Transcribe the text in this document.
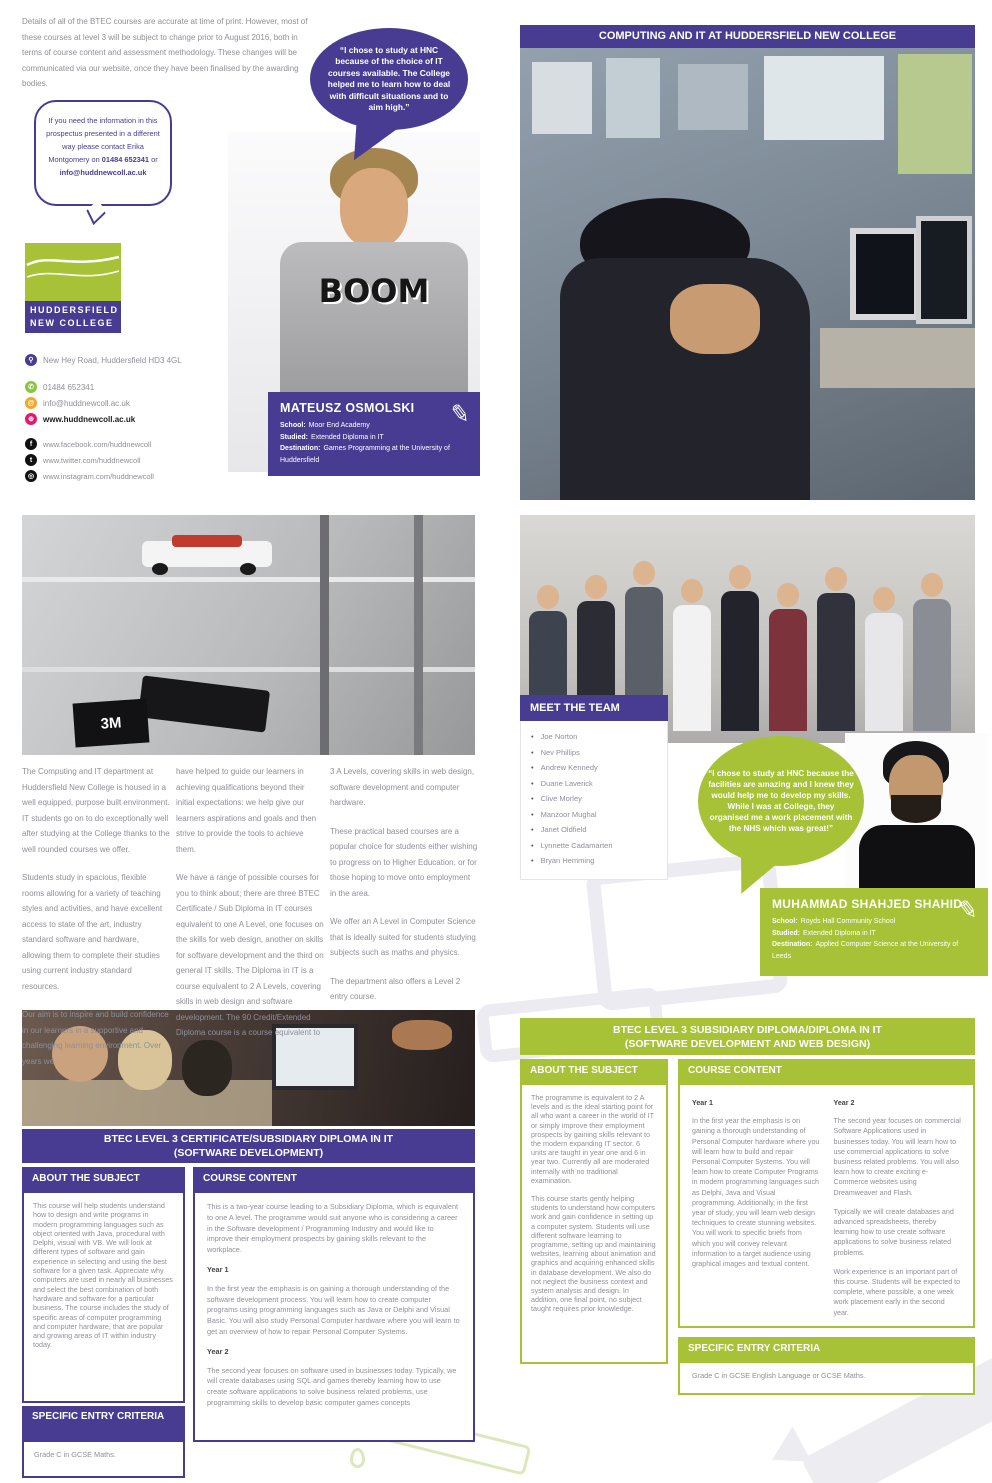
Details of all of the BTEC courses are accurate at time of print. However, most of these courses at level 3 will be subject to change prior to August 2016, both in terms of course content and assessment methodology. These changes will be communicated via our website, once they have been finalised by the awarding bodies.
“I chose to study at HNC because of the choice of IT courses available. The College helped me to learn how to deal with difficult situations and to aim high.”
If you need the information in this prospectus presented in a different way please contact Erika Montgomery on 01484 652341 or
info@huddnewcoll.ac.uk
BOOM
HUDDERSFIELD
NEW COLLEGE
⚲	New Hey Road, Huddersfield HD3 4GL
✆	01484 652341
@	info@huddnewcoll.ac.uk
⊕	www.huddnewcoll.ac.uk
f	www.facebook.com/huddnewcoll
t	www.twitter.com/huddnewcoll
◎	www.instagram.com/huddnewcoll
✎
MATEUSZ OSMOLSKI
School: Moor End Academy
Studied: Extended Diploma in IT
Destination: Games Programming at the University of Huddersfield
COMPUTING AND IT AT HUDDERSFIELD NEW COLLEGE
3M
MEET THE TEAM
• Joe Norton
• Nev Phillips
• Andrew Kennedy
• Duane Laverick
• Clive Morley
• Manzoor Mughal
• Janet Oldfield
• Lynnette Cadamarteri
• Bryan Hemming
“I chose to study at HNC because the facilities are amazing and I knew they would help me to develop my skills. While I was at College, they organised me a work placement with the NHS which was great!”
✎
MUHAMMAD SHAHJED SHAHID
School: Royds Hall Community School
Studied: Extended Diploma in IT
Destination: Applied Computer Science at the University of Leeds

The Computing and IT department at Huddersfield New College is housed in a well equipped, purpose built environment. IT students go on to do exceptionally well after studying at the College thanks to the well rounded courses we offer.

Students study in spacious, flexible rooms allowing for a variety of teaching styles and activities, and have excellent access to state of the art, industry standard software and hardware, allowing them to complete their studies using current industry standard resources.

Our aim is to inspire and build confidence in our learners in a supportive and challenging learning environment. Over years we

have helped to guide our learners in achieving qualifications beyond their initial expectations: we help give our learners aspirations and goals and then strive to provide the tools to achieve them.

We have a range of possible courses for you to think about; there are three BTEC Certificate / Sub Diploma in IT courses equivalent to one A Level, one focuses on the skills for web design, another on skills for software development and the third on general IT skills. The Diploma in IT is a course equivalent to 2 A Levels, covering skills in web design and software development. The 90 Credit/Extended Diploma course is a course equivalent to

3 A Levels, covering skills in web design, software development and computer hardware.

These practical based courses are a popular choice for students either wishing to progress on to Higher Education, or for those hoping to move onto employment in the area.

We offer an A Level in Computer Science that is ideally suited for students studying subjects such as maths and physics.

The department also offers a Level 2 entry course.

BTEC LEVEL 3 CERTIFICATE/SUBSIDIARY DIPLOMA IN IT
(SOFTWARE DEVELOPMENT)
ABOUT THE SUBJECT

This course will help students understand how to design and write programs in modern programming languages such as object oriented with Java, procedural with Delphi, visual with VB. We will look at different types of software and gain experience in selecting and using the best software for a given task. Appreciate why computers are used in nearly all businesses and select the best combination of both hardware and software for a particular business. The course includes the study of specific areas of computer programming and computer hardware, that are popular and growing areas of IT within industry today.

COURSE CONTENT

This is a two-year course leading to a Subsidiary Diploma, which is equivalent to one A level. The programme would suit anyone who is considering a career in the Software development / Programming Industry and would like to improve their employment prospects by gaining skills relevant to the workplace.

Year 1

In the first year the emphasis is on gaining a thorough understanding of the software development process. You will learn how to create computer programs using programming languages such as Java or Delphi and Visual Basic. You will also study Personal Computer hardware where you will learn to get an overview of how to repair Personal Computer Systems.

Year 2

The second year focuses on software used in businesses today. Typically, we will create databases using SQL and games thereby learning how to use create software applications to solve business related problems, use programming skills to develop basic computer games concepts

SPECIFIC ENTRY CRITERIA
Grade C in GCSE Maths.
BTEC LEVEL 3 SUBSIDIARY DIPLOMA/DIPLOMA IN IT
(SOFTWARE DEVELOPMENT AND WEB DESIGN)
ABOUT THE SUBJECT

The programme is equivalent to 2 A levels and is the ideal starting point for all who want a career in the world of IT or simply improve their employment prospects by gaining skills relevant to the modern expanding IT sector. 6 units are taught in year one and 6 in year two. Currently all are moderated internally with no traditional examination.

This course starts gently helping students to understand how computers work and gain confidence in setting up a computer system. Students will use different software learning to programme, setting up and maintaining websites, learning about animation and graphics and acquiring enhanced skills in database development. We also do not neglect the business context and system analysis and design. In addition, one final point, no subject taught requires prior knowledge.

COURSE CONTENT
Year 1

In the first year the emphasis is on gaining a thorough understanding of Personal Computer hardware where you will learn how to build and repair Personal Computer Systems. You will learn how to create Computer Programs in modern programming languages such as Delphi, Java and Visual programming. Additionally, in the first year of study, you will learn web design techniques to create stunning websites. You will work to specific briefs from which you will convey relevant information to a target audience using graphical images and textual content.

Year 2

The second year focuses on commercial Software Applications used in businesses today. You will learn how to use commercial applications to solve business related problems. You will also learn how to create exciting e-Commerce websites using Dreamweaver and Flash.

Typically we will create databases and advanced spreadsheets, thereby learning how to use create software applications to solve business related problems.

Work experience is an important part of this course. Students will be expected to complete, where possible, a one week work placement early in the second year.

SPECIFIC ENTRY CRITERIA
Grade C in GCSE English Language or GCSE Maths.
